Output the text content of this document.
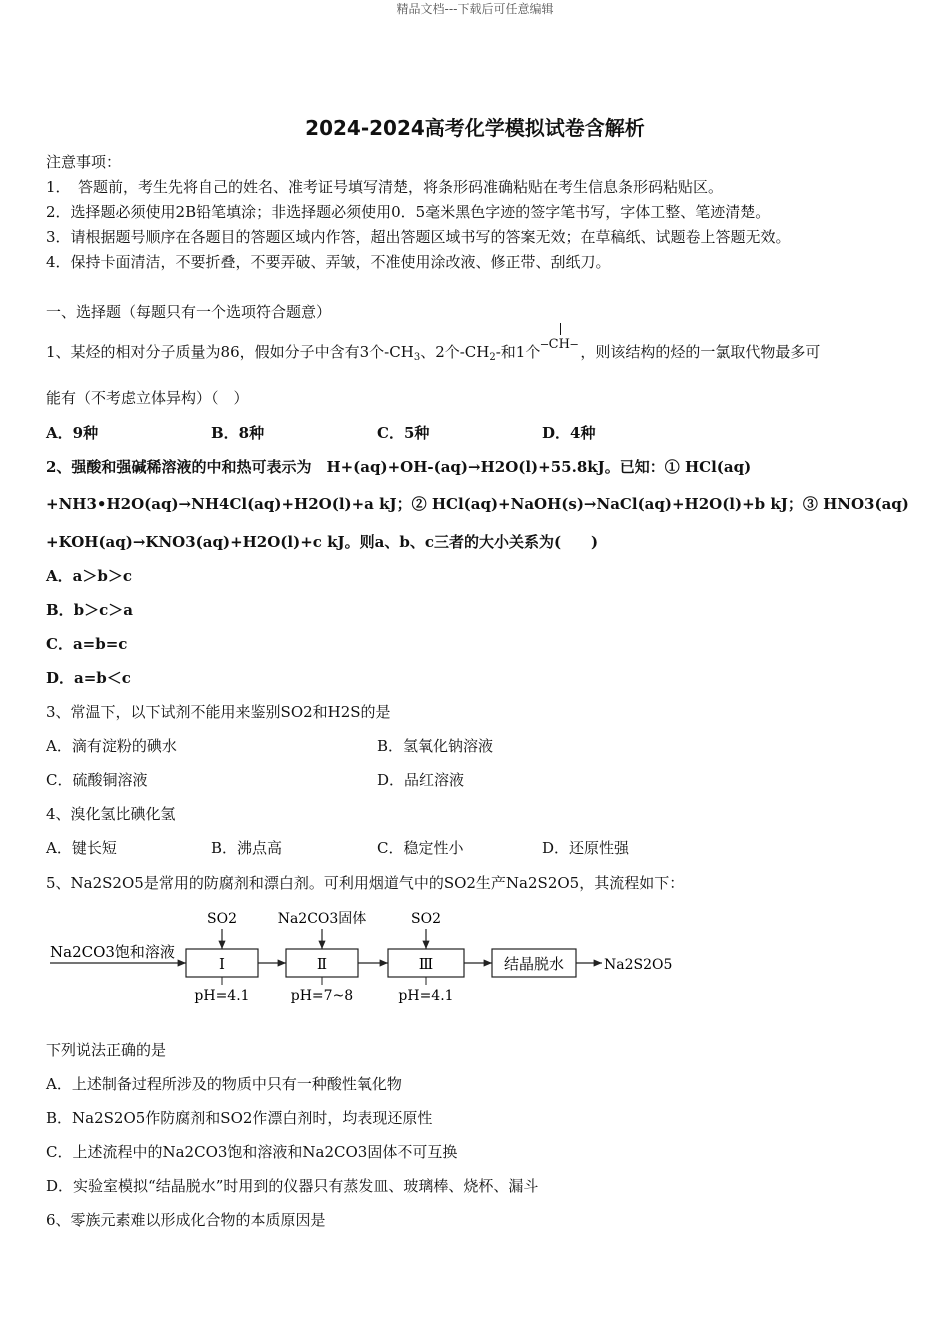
精品文档---下载后可任意编辑
2024-2024高考化学模拟试卷含解析
注意事项：
1．　答题前，考生先将自己的姓名、准考证号填写清楚，将条形码准确粘贴在考生信息条形码粘贴区。
2．选择题必须使用2B铅笔填涂；非选择题必须使用0．5毫米黑色字迹的签字笔书写，字体工整、笔迹清楚。
3．请根据题号顺序在各题目的答题区域内作答，超出答题区域书写的答案无效；在草稿纸、试题卷上答题无效。
4．保持卡面清洁，不要折叠，不要弄破、弄皱，不准使用涂改液、修正带、刮纸刀。
一、选择题（每题只有一个选项符合题意）
1、某烃的相对分子质量为86，假如分子中含有3个$-CH_3$、2个$-CH_2-$和1个 ‒CH‒ ，则该结构的烃的一氯取代物最多可
能有（不考虑立体异构）（　）
A．9种	B．8种	C．5种	D．4种
2、强酸和强碱稀溶液的中和热可表示为　H+(aq)+OH-(aq)→H2O(l)+55.8kJ。已知：① HCl(aq)
+NH3•H2O(aq)→NH4Cl(aq)+H2O(l)+a kJ；② HCl(aq)+NaOH(s)→NaCl(aq)+H2O(l)+b kJ；③ HNO3(aq)
+KOH(aq)→KNO3(aq)+H2O(l)+c kJ。则a、b、c三者的大小关系为(　　)
A．a＞b＞c
B．b＞c＞a
C．a=b=c
D．a=b＜c
3、常温下，以下试剂不能用来鉴别SO2和H2S的是
A．滴有淀粉的碘水	B．氢氧化钠溶液
C．硫酸铜溶液	D．品红溶液
4、溴化氢比碘化氢
A．键长短	B．沸点高	C．稳定性小	D．还原性强
5、Na2S2O5是常用的防腐剂和漂白剂。可利用烟道气中的SO2生产Na2S2O5，其流程如下：
Na2CO3饱和溶液
Ⅰ	Ⅱ	Ⅲ	结晶脱水	Na2S2O5
SO2	Na2CO3固体	SO2
pH=4.1	pH=7~8	pH=4.1
下列说法正确的是
A．上述制备过程所涉及的物质中只有一种酸性氧化物
B．Na2S2O5作防腐剂和SO2作漂白剂时，均表现还原性
C．上述流程中的Na2CO3饱和溶液和Na2CO3固体不可互换
D．实验室模拟“结晶脱水”时用到的仪器只有蒸发皿、玻璃棒、烧杯、漏斗
6、零族元素难以形成化合物的本质原因是
